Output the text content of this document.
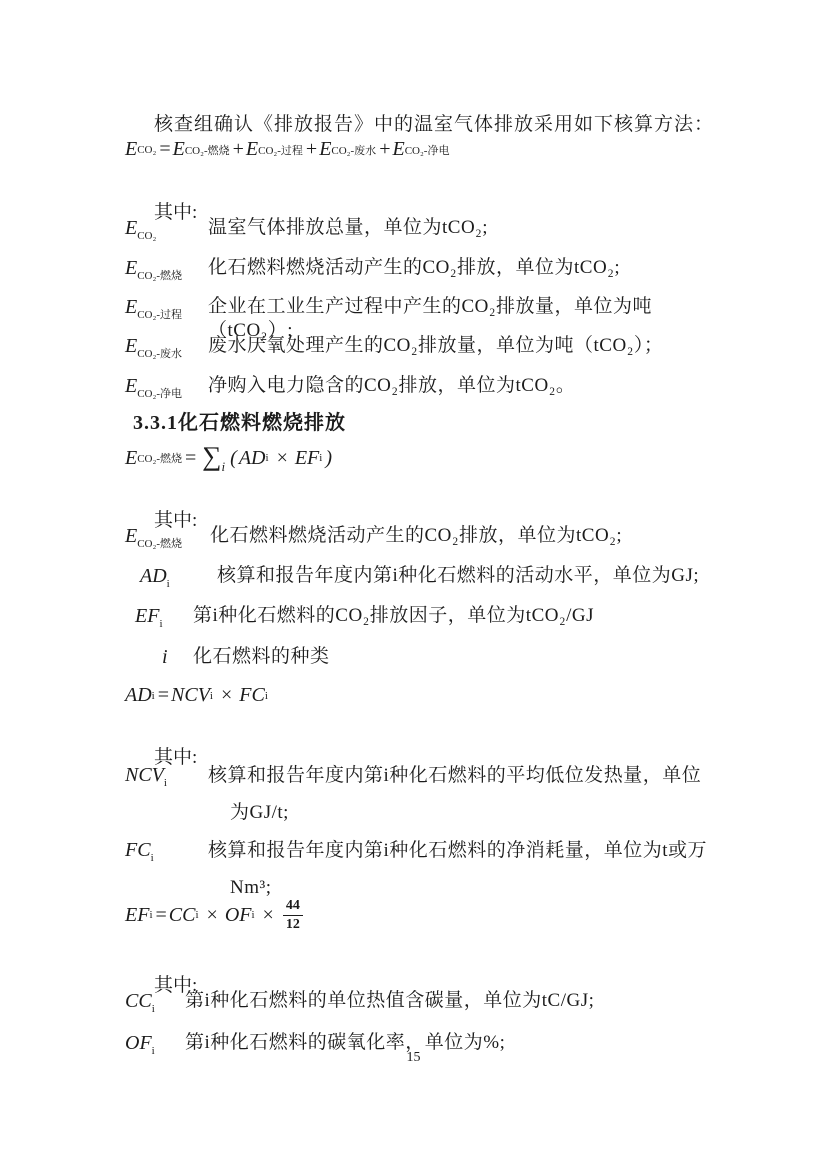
核查组确认《排放报告》中的温室气体排放采用如下核算方法：

E CO₂ = E CO₂-燃烧 + E CO₂-过程 + E CO₂-废水 + E CO₂-净电

其中:

$E_{CO_2}$	温室气体排放总量，单位为tCO₂;
$E_{CO_2-燃烧}$	化石燃料燃烧活动产生的CO₂排放，单位为tCO₂;
$E_{CO_2-过程}$	企业在工业生产过程中产生的CO₂排放量，单位为吨（tCO₂）;
$E_{CO_2-废水}$	废水厌氧处理产生的CO₂排放量，单位为吨（tCO₂）；
$E_{CO_2-净电}$	净购入电力隐含的CO₂排放，单位为tCO₂。
3.3.1化石燃料燃烧排放
E CO₂-燃烧 = $\sum_i$ ( AD i × EF i )

其中:

$E_{CO_2-燃烧}$	化石燃料燃烧活动产生的CO₂排放，单位为tCO₂;
$AD_i$	核算和报告年度内第i种化石燃料的活动水平，单位为GJ;
$EF_i$	第i种化石燃料的CO₂排放因子，单位为tCO₂/GJ
i	化石燃料的种类
AD i = NCV i × FC i

其中:

$NCV_i$	核算和报告年度内第i种化石燃料的平均低位发热量，单位为GJ/t;
$FC_i$	核算和报告年度内第i种化石燃料的净消耗量，单位为t或万Nm³;
EF i = CC i × OF $i \times \frac{44}{12}$

其中:

$CC_i$	第i种化石燃料的单位热值含碳量，单位为tC/GJ;
$OF_i$	第i种化石燃料的碳氧化率，单位为%;
15
